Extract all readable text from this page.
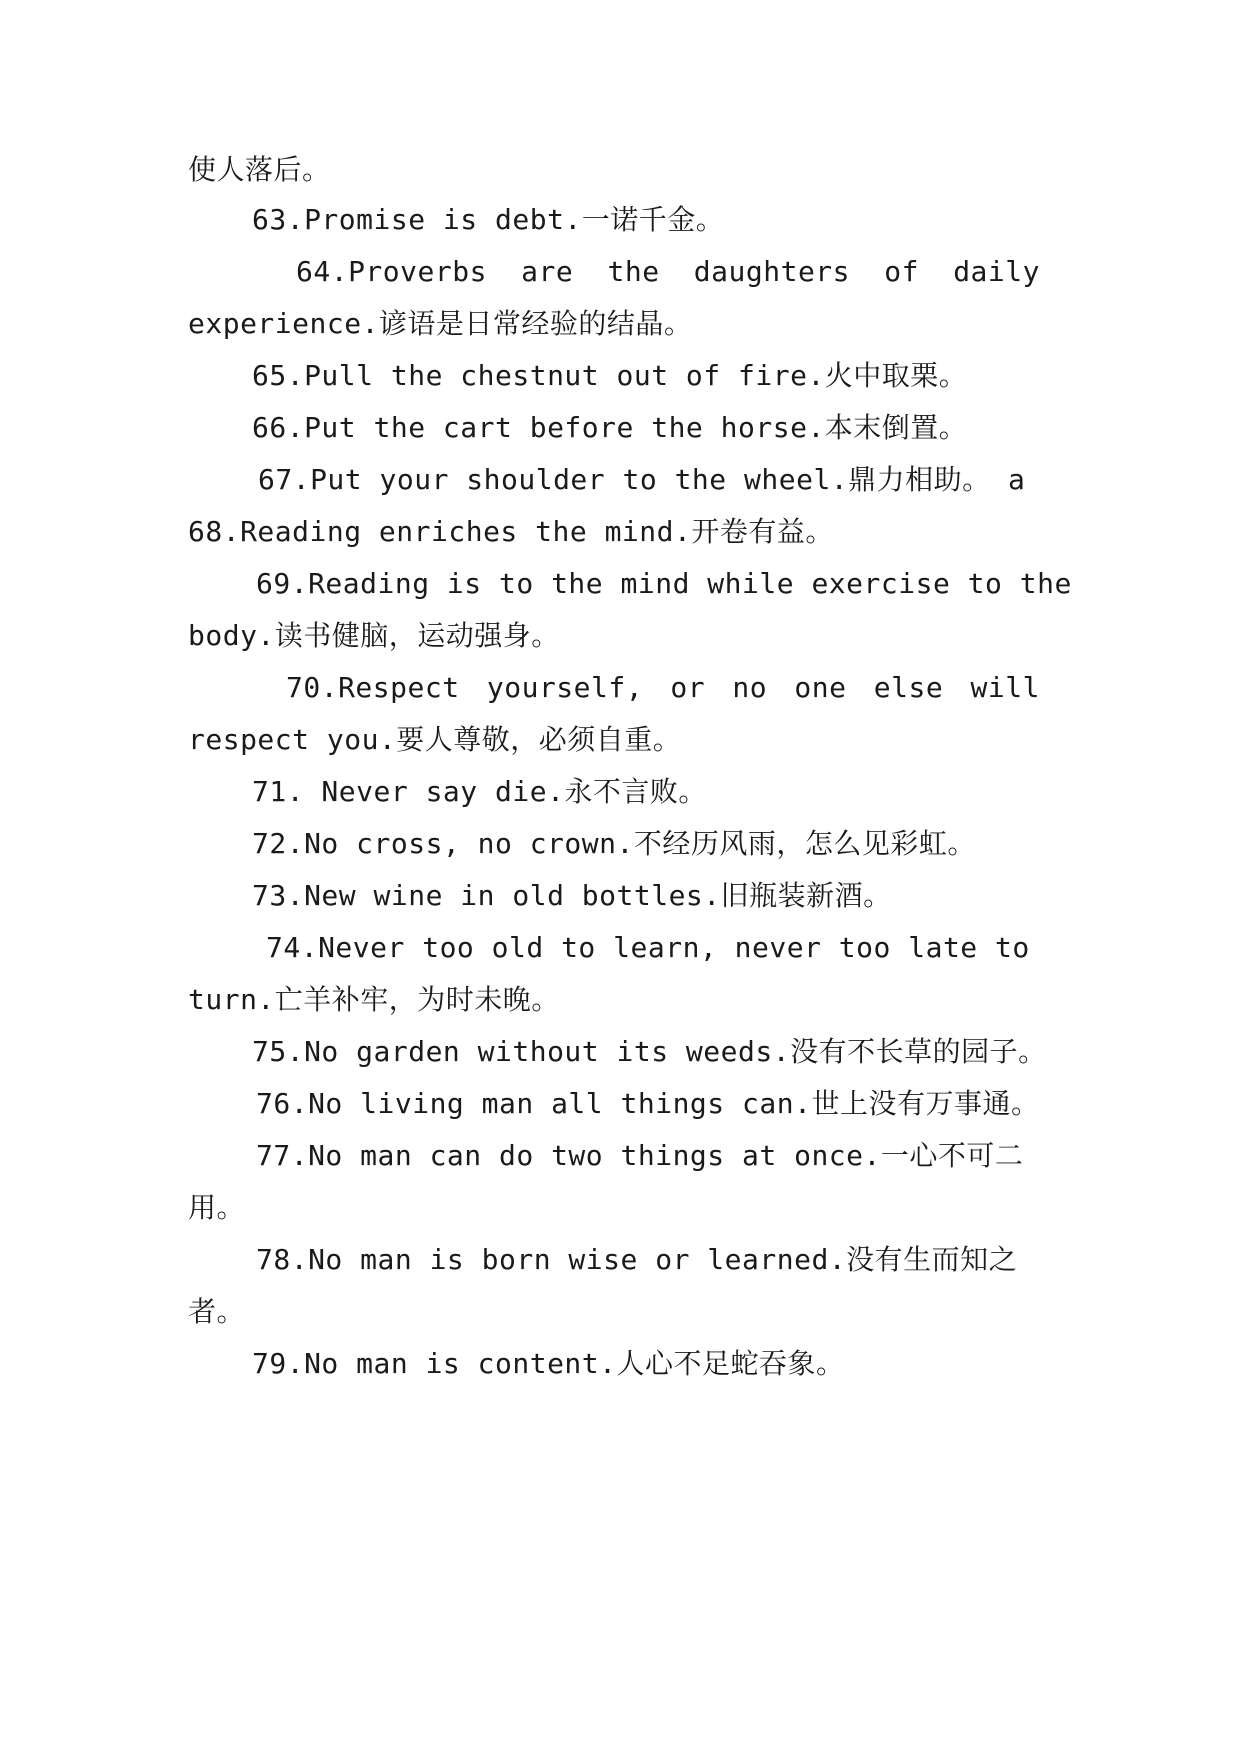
使人落后。
63.Promise is debt.一诺千金。
64.Proverbs are the daughters of daily
experience.谚语是日常经验的结晶。
65.Pull the chestnut out of fire.火中取栗。
66.Put the cart before the horse.本末倒置。
67.Put your shoulder to the wheel.鼎力相助。 a
68.Reading enriches the mind.开卷有益。
69.Reading is to the mind while exercise to the
body.读书健脑，运动强身。
70.Respect yourself, or no one else will
respect you.要人尊敬，必须自重。
71. Never say die.永不言败。
72.No cross, no crown.不经历风雨，怎么见彩虹。
73.New wine in old bottles.旧瓶装新酒。
74.Never too old to learn, never too late to
turn.亡羊补牢，为时未晚。
75.No garden without its weeds.没有不长草的园子。
76.No living man all things can.世上没有万事通。
77.No man can do two things at once.一心不可二
用。
78.No man is born wise or learned.没有生而知之
者。
79.No man is content.人心不足蛇吞象。
